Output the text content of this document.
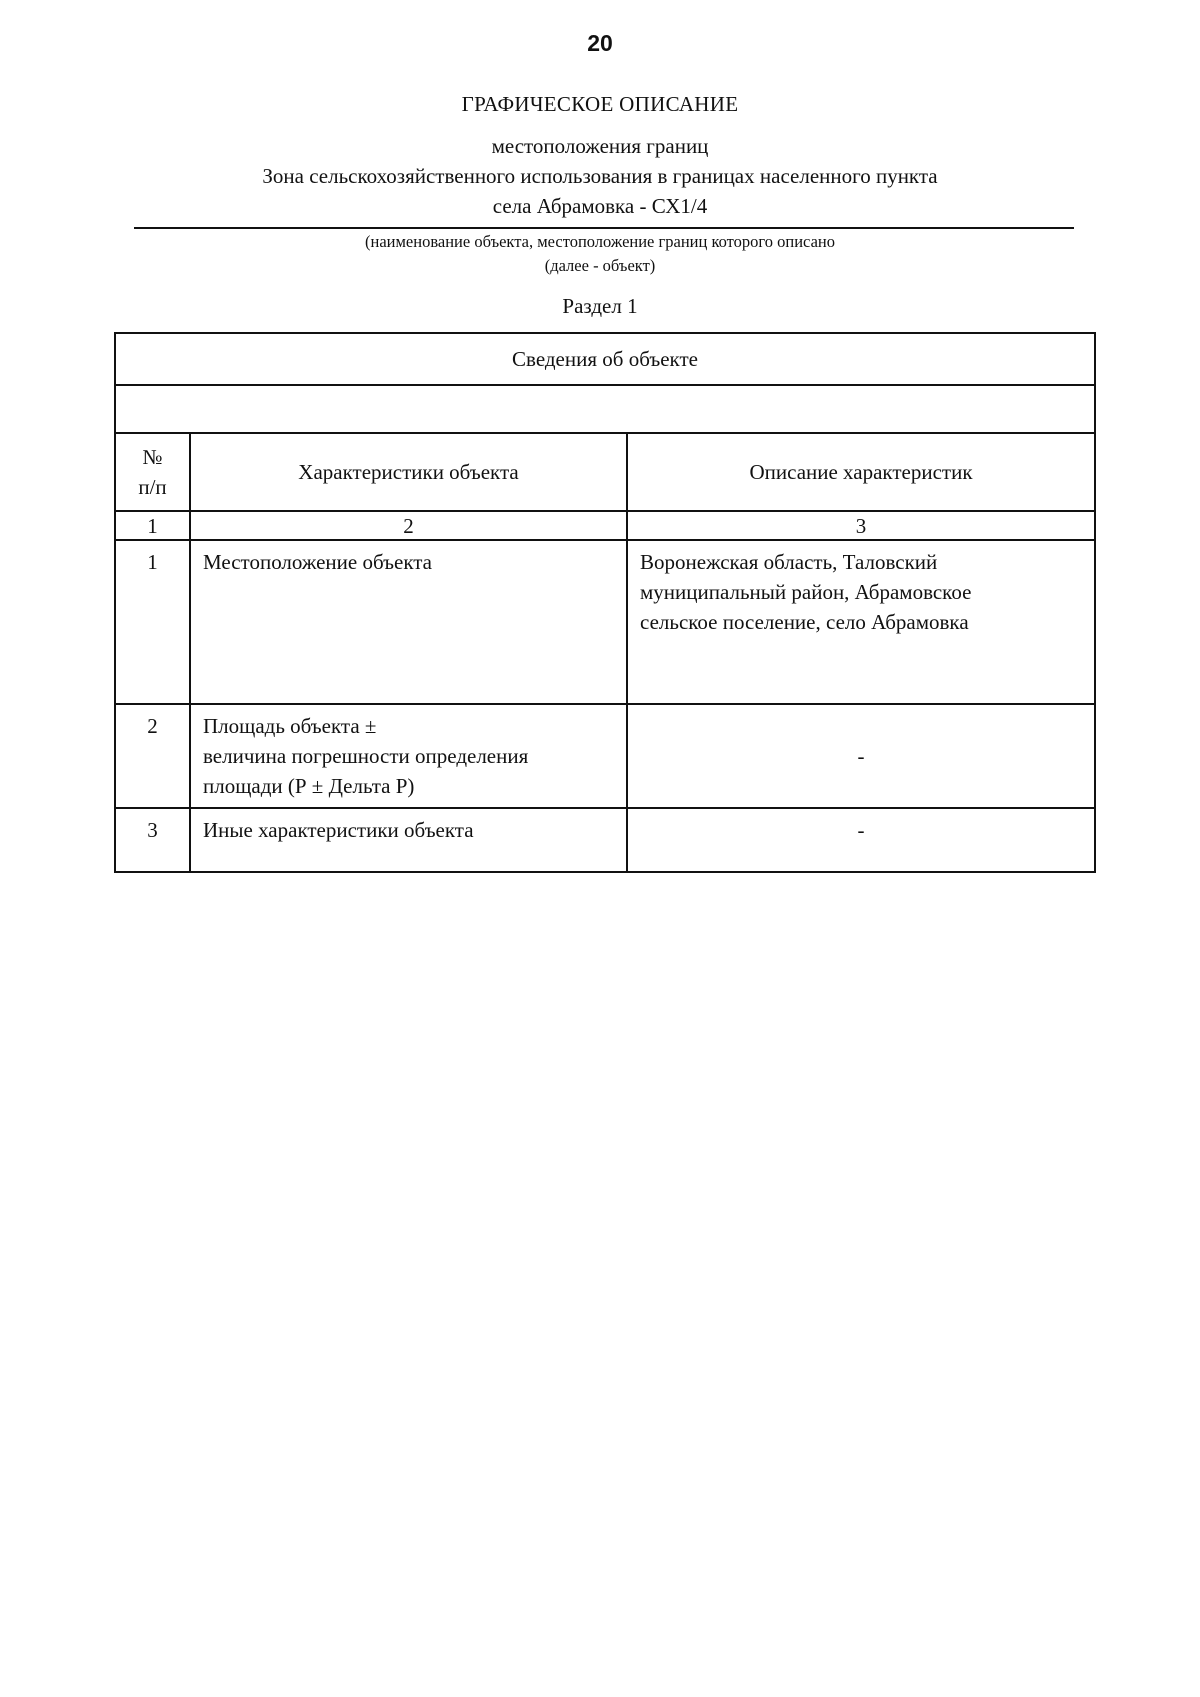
20
ГРАФИЧЕСКОЕ ОПИСАНИЕ
местоположения границ
Зона сельскохозяйственного использования в границах населенного пункта
села Абрамовка - СХ1/4
(наименование объекта, местоположение границ которого описано
(далее - объект)
Раздел 1
Сведения об объекте		

№
п/п	Характеристики объекта	Описание характеристик
1	2	3
1	Местоположение объекта	Воронежская область, Таловский
муниципальный район, Абрамовское
сельское поселение, село Абрамовка

2	Площадь объекта ±
величина погрешности определения
площади (Р ± Дельта Р)	-
3	Иные характеристики объекта	-
